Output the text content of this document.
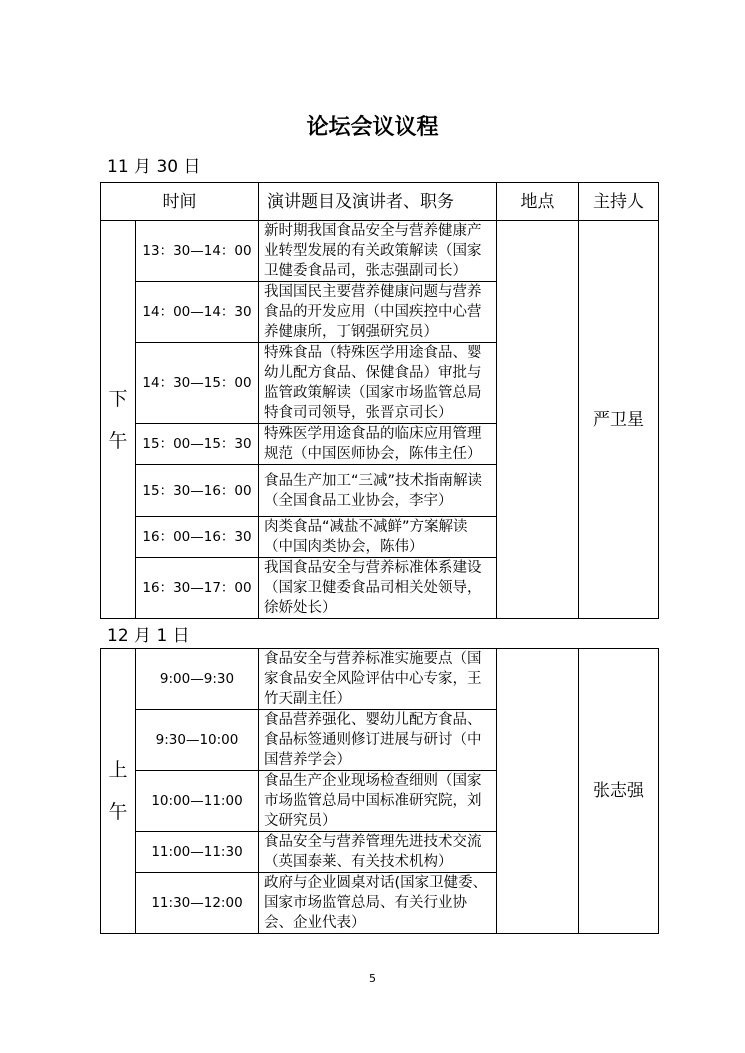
论坛会议议程
11 月 30 日
时间		演讲题目及演讲者、职务	地点	主持人

下午	13：30—14：00	新时期我国食品安全与营养健康产业转型发展的有关政策解读（国家卫健委食品司，张志强副司长）		严卫星
	14：00—14：30	我国国民主要营养健康问题与营养食品的开发应用（中国疾控中心营养健康所，丁钢强研究员）		
	14：30—15：00	特殊食品（特殊医学用途食品、婴幼儿配方食品、保健食品）审批与监管政策解读（国家市场监管总局特食司司领导，张晋京司长）		
	15：00—15：30	特殊医学用途食品的临床应用管理规范（中国医师协会，陈伟主任）		
	15：30—16：00	食品生产加工“三减”技术指南解读（全国食品工业协会，李宇）		
	16：00—16：30	肉类食品“减盐不减鲜”方案解读（中国肉类协会，陈伟）		
	16：30—17：00	我国食品安全与营养标准体系建设（国家卫健委食品司相关处领导，徐娇处长）		
12 月 1 日
上午	9:00—9:30	食品安全与营养标准实施要点（国家食品安全风险评估中心专家，王竹天副主任）		张志强
	9:30—10:00	食品营养强化、婴幼儿配方食品、食品标签通则修订进展与研讨（中国营养学会）		
	10:00—11:00	食品生产企业现场检查细则（国家市场监管总局中国标准研究院，刘文研究员）		
	11:00—11:30	食品安全与营养管理先进技术交流（英国泰莱、有关技术机构）		
	11:30—12:00	政府与企业圆桌对话(国家卫健委、国家市场监管总局、有关行业协会、企业代表）		
5
